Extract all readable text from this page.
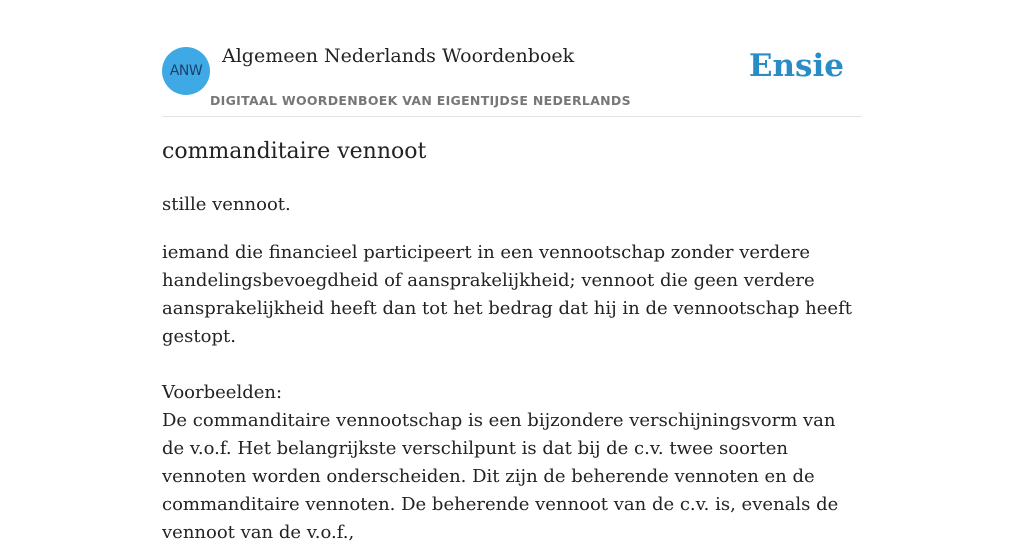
ANW
Algemeen Nederlands Woordenboek
DIGITAAL WOORDENBOEK VAN EIGENTIJDSE NEDERLANDS
Ensie
commanditaire vennoot
stille vennoot.

iemand die financieel participeert in een vennootschap zonder verdere handelingsbevoegdheid of aansprakelijkheid; vennoot die geen verdere aansprakelijkheid heeft dan tot het bedrag dat hij in de vennootschap heeft gestopt.

Voorbeelden:

De commanditaire vennootschap is een bijzondere verschijningsvorm van de v.o.f. Het belangrijkste verschilpunt is dat bij de c.v. twee soorten vennoten worden onderscheiden. Dit zijn de beherende vennoten en de commanditaire vennoten. De beherende vennoot van de c.v. is, evenals de vennoot van de v.o.f.,
